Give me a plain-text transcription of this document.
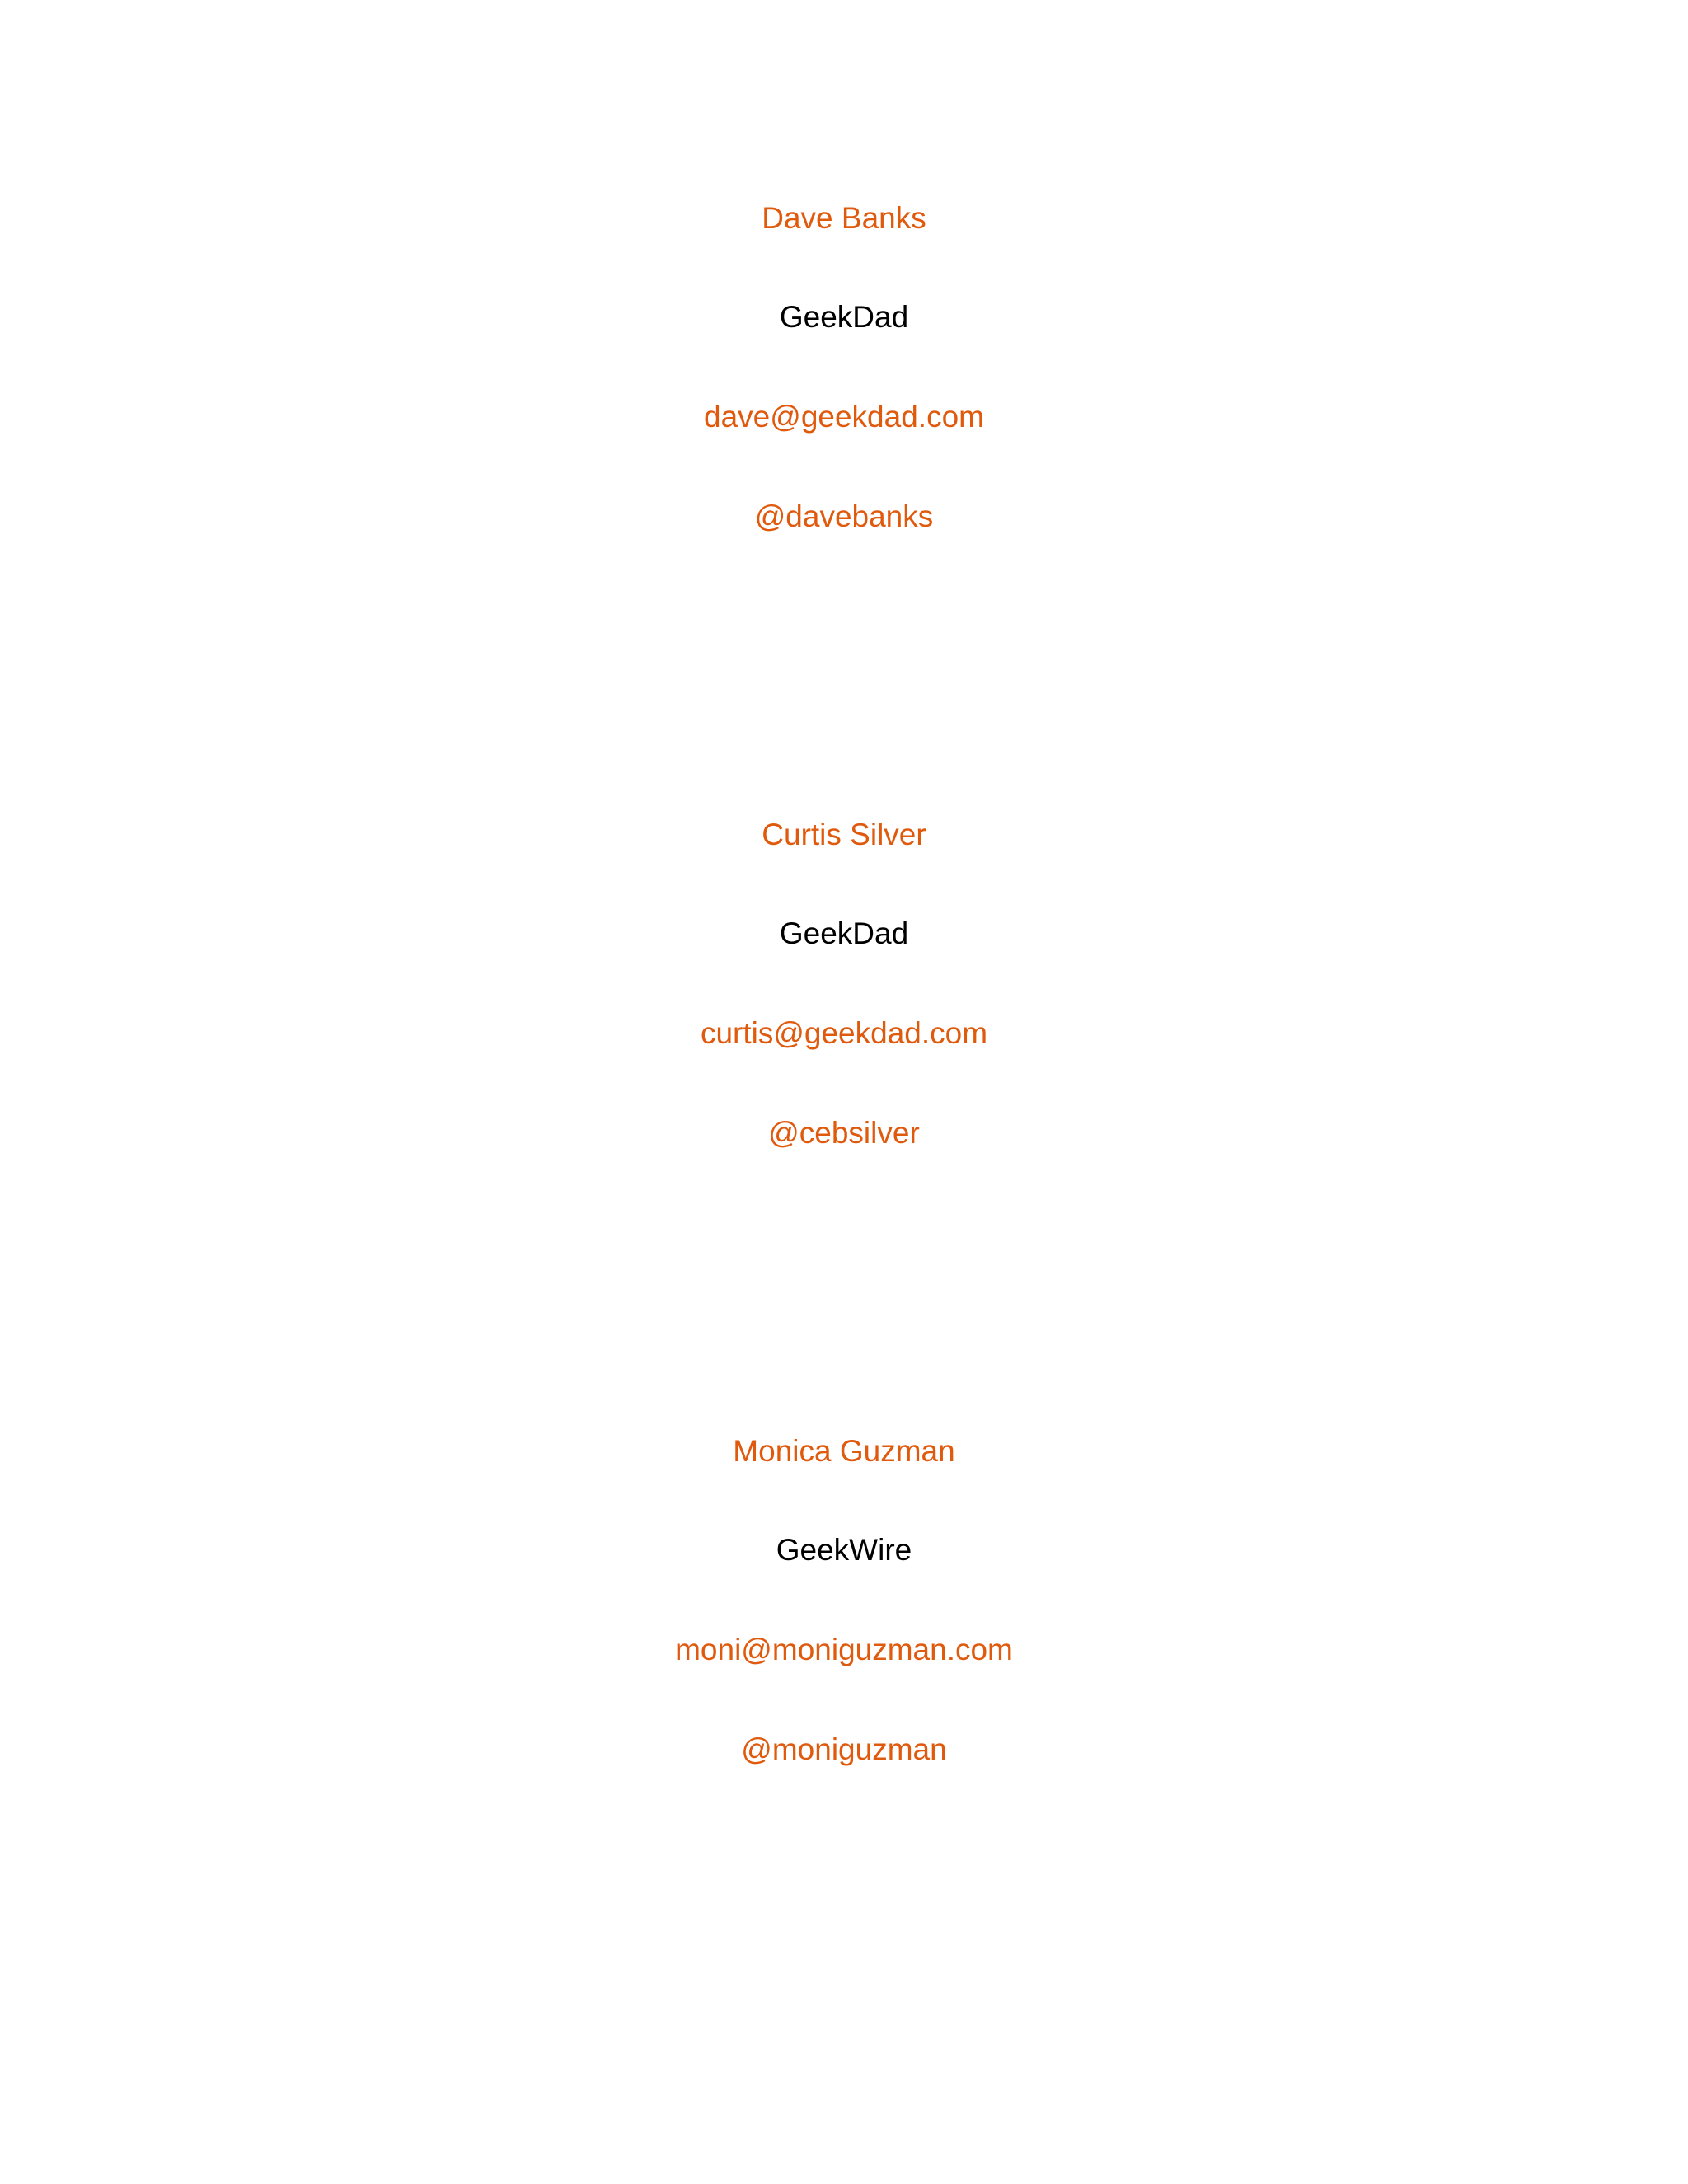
Dave Banks
GeekDad
dave@geekdad.com
@davebanks
Curtis Silver
GeekDad
curtis@geekdad.com
@cebsilver
Monica Guzman
GeekWire
moni@moniguzman.com
@moniguzman
